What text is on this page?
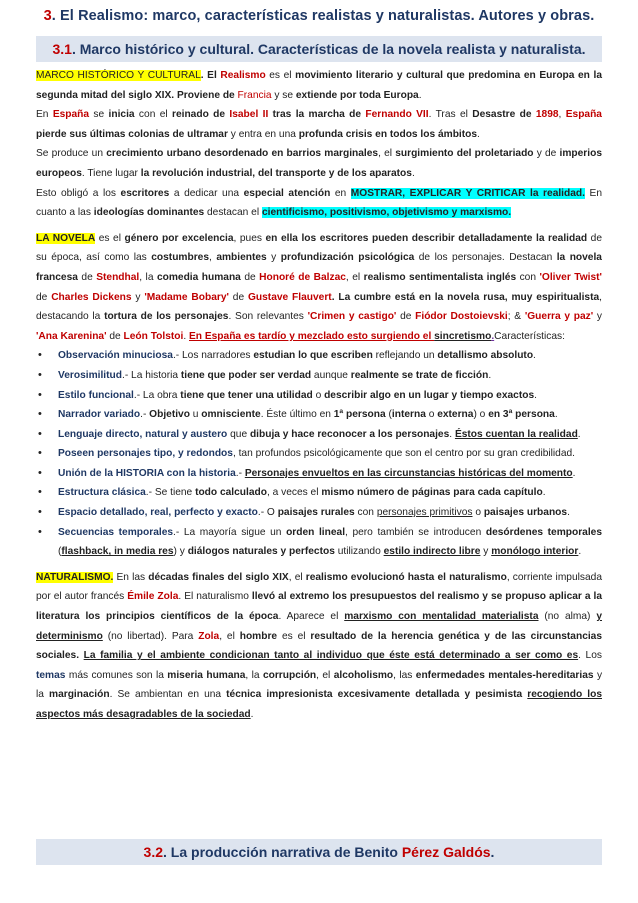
3. El Realismo: marco, características realistas y naturalistas. Autores y obras.
3.1. Marco histórico y cultural. Características de la novela realista y naturalista.
MARCO HISTÓRICO Y CULTURAL. El Realismo es el movimiento literario y cultural que predomina en Europa en la segunda mitad del siglo XIX. Proviene de Francia y se extiende por toda Europa.
En España se inicia con el reinado de Isabel II tras la marcha de Fernando VII. Tras el Desastre de 1898, España pierde sus últimas colonias de ultramar y entra en una profunda crisis en todos los ámbitos.
Se produce un crecimiento urbano desordenado en barrios marginales, el surgimiento del proletariado y de imperios europeos. Tiene lugar la revolución industrial, del transporte y de los aparatos.
Esto obligó a los escritores a dedicar una especial atención en MOSTRAR, EXPLICAR Y CRITICAR la realidad. En cuanto a las ideologías dominantes destacan el cientificismo, positivismo, objetivismo y marxismo.
LA NOVELA es el género por excelencia, pues en ella los escritores pueden describir detalladamente la realidad de su época, así como las costumbres, ambientes y profundización psicológica de los personajes. Destacan la novela francesa de Stendhal, la comedia humana de Honoré de Balzac, el realismo sentimentalista inglés con 'Oliver Twist' de Charles Dickens y 'Madame Bobary' de Gustave Flauvert. La cumbre está en la novela rusa, muy espiritualista, destacando la tortura de los personajes. Son relevantes 'Crimen y castigo' de Fiódor Dostoievski; & 'Guerra y paz' y 'Ana Karenina' de León Tolstoi. En España es tardío y mezclado esto surgiendo el sincretismo.Características:
• Observación minuciosa.- Los narradores estudian lo que escriben reflejando un detallismo absoluto.
• Verosimilitud.- La historia tiene que poder ser verdad aunque realmente se trate de ficción.
• Estilo funcional.- La obra tiene que tener una utilidad o describir algo en un lugar y tiempo exactos.
• Narrador variado.- Objetivo u omnisciente. Éste último en 1ª persona (interna o externa) o en 3ª persona.
• Lenguaje directo, natural y austero que dibuja y hace reconocer a los personajes. Éstos cuentan la realidad.
• Poseen personajes tipo, y redondos, tan profundos psicológicamente que son el centro por su gran credibilidad.
• Unión de la HISTORIA con la historia.- Personajes envueltos en las circunstancias históricas del momento.
• Estructura clásica.- Se tiene todo calculado, a veces el mismo número de páginas para cada capítulo.
• Espacio detallado, real, perfecto y exacto.- O paisajes rurales con personajes primitivos o paisajes urbanos.
• Secuencias temporales.- La mayoría sigue un orden lineal, pero también se introducen desórdenes temporales (flashback, in media res) y diálogos naturales y perfectos utilizando estilo indirecto libre y monólogo interior.
NATURALISMO. En las décadas finales del siglo XIX, el realismo evolucionó hasta el naturalismo, corriente impulsada por el autor francés Émile Zola. El naturalismo llevó al extremo los presupuestos del realismo y se propuso aplicar a la literatura los principios científicos de la época. Aparece el marxismo con mentalidad materialista (no alma) y determinismo (no libertad). Para Zola, el hombre es el resultado de la herencia genética y de las circunstancias sociales. La familia y el ambiente condicionan tanto al individuo que éste está determinado a ser como es. Los temas más comunes son la miseria humana, la corrupción, el alcoholismo, las enfermedades mentales-hereditarias y la marginación. Se ambientan en una técnica impresionista excesivamente detallada y pesimista recogiendo los aspectos más desagradables de la sociedad.
3.2. La producción narrativa de Benito Pérez Galdós.
